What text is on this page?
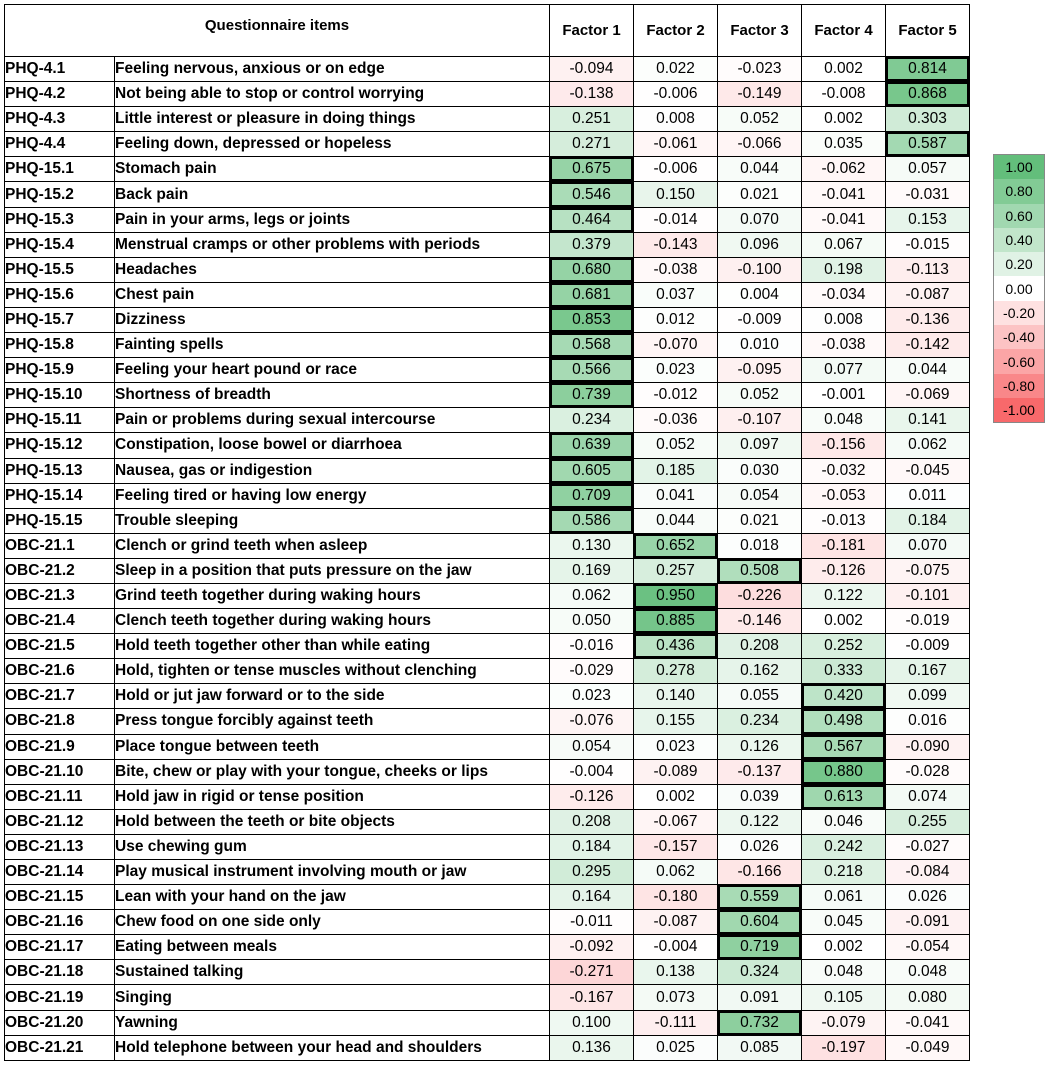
Questionnaire items		Factor 1	Factor 2	Factor 3	Factor 4	Factor 5
PHQ-4.1	Feeling nervous, anxious or on edge	-0.094	0.022	-0.023	0.002	0.814
PHQ-4.2	Not being able to stop or control worrying	-0.138	-0.006	-0.149	-0.008	0.868
PHQ-4.3	Little interest or pleasure in doing things	0.251	0.008	0.052	0.002	0.303
PHQ-4.4	Feeling down, depressed or hopeless	0.271	-0.061	-0.066	0.035	0.587
PHQ-15.1	Stomach pain	0.675	-0.006	0.044	-0.062	0.057
PHQ-15.2	Back pain	0.546	0.150	0.021	-0.041	-0.031
PHQ-15.3	Pain in your arms, legs or joints	0.464	-0.014	0.070	-0.041	0.153
PHQ-15.4	Menstrual cramps or other problems with periods	0.379	-0.143	0.096	0.067	-0.015
PHQ-15.5	Headaches	0.680	-0.038	-0.100	0.198	-0.113
PHQ-15.6	Chest pain	0.681	0.037	0.004	-0.034	-0.087
PHQ-15.7	Dizziness	0.853	0.012	-0.009	0.008	-0.136
PHQ-15.8	Fainting spells	0.568	-0.070	0.010	-0.038	-0.142
PHQ-15.9	Feeling your heart pound or race	0.566	0.023	-0.095	0.077	0.044
PHQ-15.10	Shortness of breadth	0.739	-0.012	0.052	-0.001	-0.069
PHQ-15.11	Pain or problems during sexual intercourse	0.234	-0.036	-0.107	0.048	0.141
PHQ-15.12	Constipation, loose bowel or diarrhoea	0.639	0.052	0.097	-0.156	0.062
PHQ-15.13	Nausea, gas or indigestion	0.605	0.185	0.030	-0.032	-0.045
PHQ-15.14	Feeling tired or having low energy	0.709	0.041	0.054	-0.053	0.011
PHQ-15.15	Trouble sleeping	0.586	0.044	0.021	-0.013	0.184
OBC-21.1	Clench or grind teeth when asleep	0.130	0.652	0.018	-0.181	0.070
OBC-21.2	Sleep in a position that puts pressure on the jaw	0.169	0.257	0.508	-0.126	-0.075
OBC-21.3	Grind teeth together during waking hours	0.062	0.950	-0.226	0.122	-0.101
OBC-21.4	Clench teeth together during waking hours	0.050	0.885	-0.146	0.002	-0.019
OBC-21.5	Hold teeth together other than while eating	-0.016	0.436	0.208	0.252	-0.009
OBC-21.6	Hold, tighten or tense muscles without clenching	-0.029	0.278	0.162	0.333	0.167
OBC-21.7	Hold or jut jaw forward or to the side	0.023	0.140	0.055	0.420	0.099
OBC-21.8	Press tongue forcibly against teeth	-0.076	0.155	0.234	0.498	0.016
OBC-21.9	Place tongue between teeth	0.054	0.023	0.126	0.567	-0.090
OBC-21.10	Bite, chew or play with your tongue, cheeks or lips	-0.004	-0.089	-0.137	0.880	-0.028
OBC-21.11	Hold jaw in rigid or tense position	-0.126	0.002	0.039	0.613	0.074
OBC-21.12	Hold between the teeth or bite objects	0.208	-0.067	0.122	0.046	0.255
OBC-21.13	Use chewing gum	0.184	-0.157	0.026	0.242	-0.027
OBC-21.14	Play musical instrument involving mouth or jaw	0.295	0.062	-0.166	0.218	-0.084
OBC-21.15	Lean with your hand on the jaw	0.164	-0.180	0.559	0.061	0.026
OBC-21.16	Chew food on one side only	-0.011	-0.087	0.604	0.045	-0.091
OBC-21.17	Eating between meals	-0.092	-0.004	0.719	0.002	-0.054
OBC-21.18	Sustained talking	-0.271	0.138	0.324	0.048	0.048
OBC-21.19	Singing	-0.167	0.073	0.091	0.105	0.080
OBC-21.20	Yawning	0.100	-0.111	0.732	-0.079	-0.041
OBC-21.21	Hold telephone between your head and shoulders	0.136	0.025	0.085	-0.197	-0.049
1.00
0.80
0.60
0.40
0.20
0.00
-0.20
-0.40
-0.60
-0.80
-1.00
